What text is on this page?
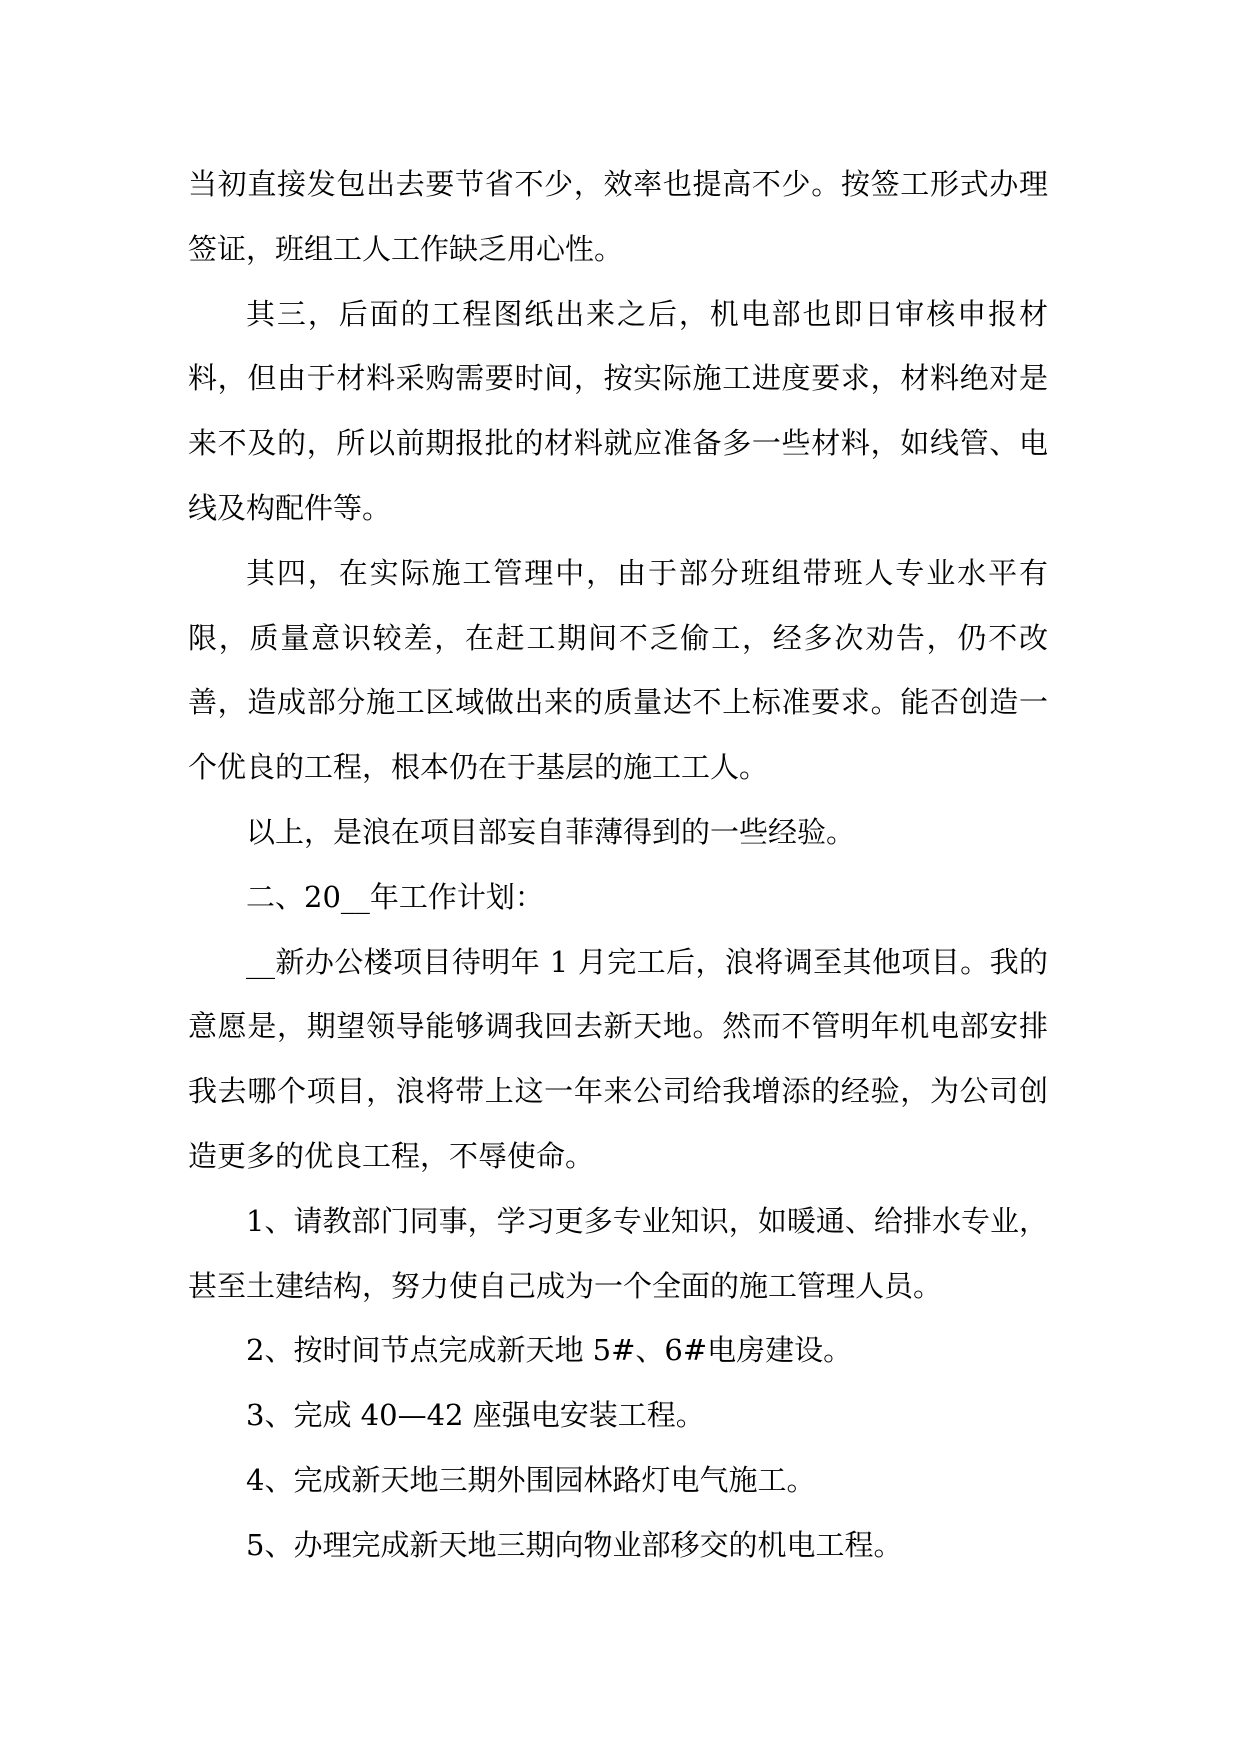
当初直接发包出去要节省不少，效率也提高不少。按签工形式办理签证，班组工人工作缺乏用心性。

其三，后面的工程图纸出来之后，机电部也即日审核申报材料，但由于材料采购需要时间，按实际施工进度要求，材料绝对是来不及的，所以前期报批的材料就应准备多一些材料，如线管、电线及构配件等。

其四，在实际施工管理中，由于部分班组带班人专业水平有限，质量意识较差，在赶工期间不乏偷工，经多次劝告，仍不改善，造成部分施工区域做出来的质量达不上标准要求。能否创造一个优良的工程，根本仍在于基层的施工工人。

以上，是浪在项目部妄自菲薄得到的一些经验。

二、20__年工作计划：

__新办公楼项目待明年 1 月完工后，浪将调至其他项目。我的意愿是，期望领导能够调我回去新天地。然而不管明年机电部安排我去哪个项目，浪将带上这一年来公司给我增添的经验，为公司创造更多的优良工程，不辱使命。

1、请教部门同事，学习更多专业知识，如暖通、给排水专业，甚至土建结构，努力使自己成为一个全面的施工管理人员。

2、按时间节点完成新天地 5#、6#电房建设。

3、完成 40—42 座强电安装工程。

4、完成新天地三期外围园林路灯电气施工。

5、办理完成新天地三期向物业部移交的机电工程。
